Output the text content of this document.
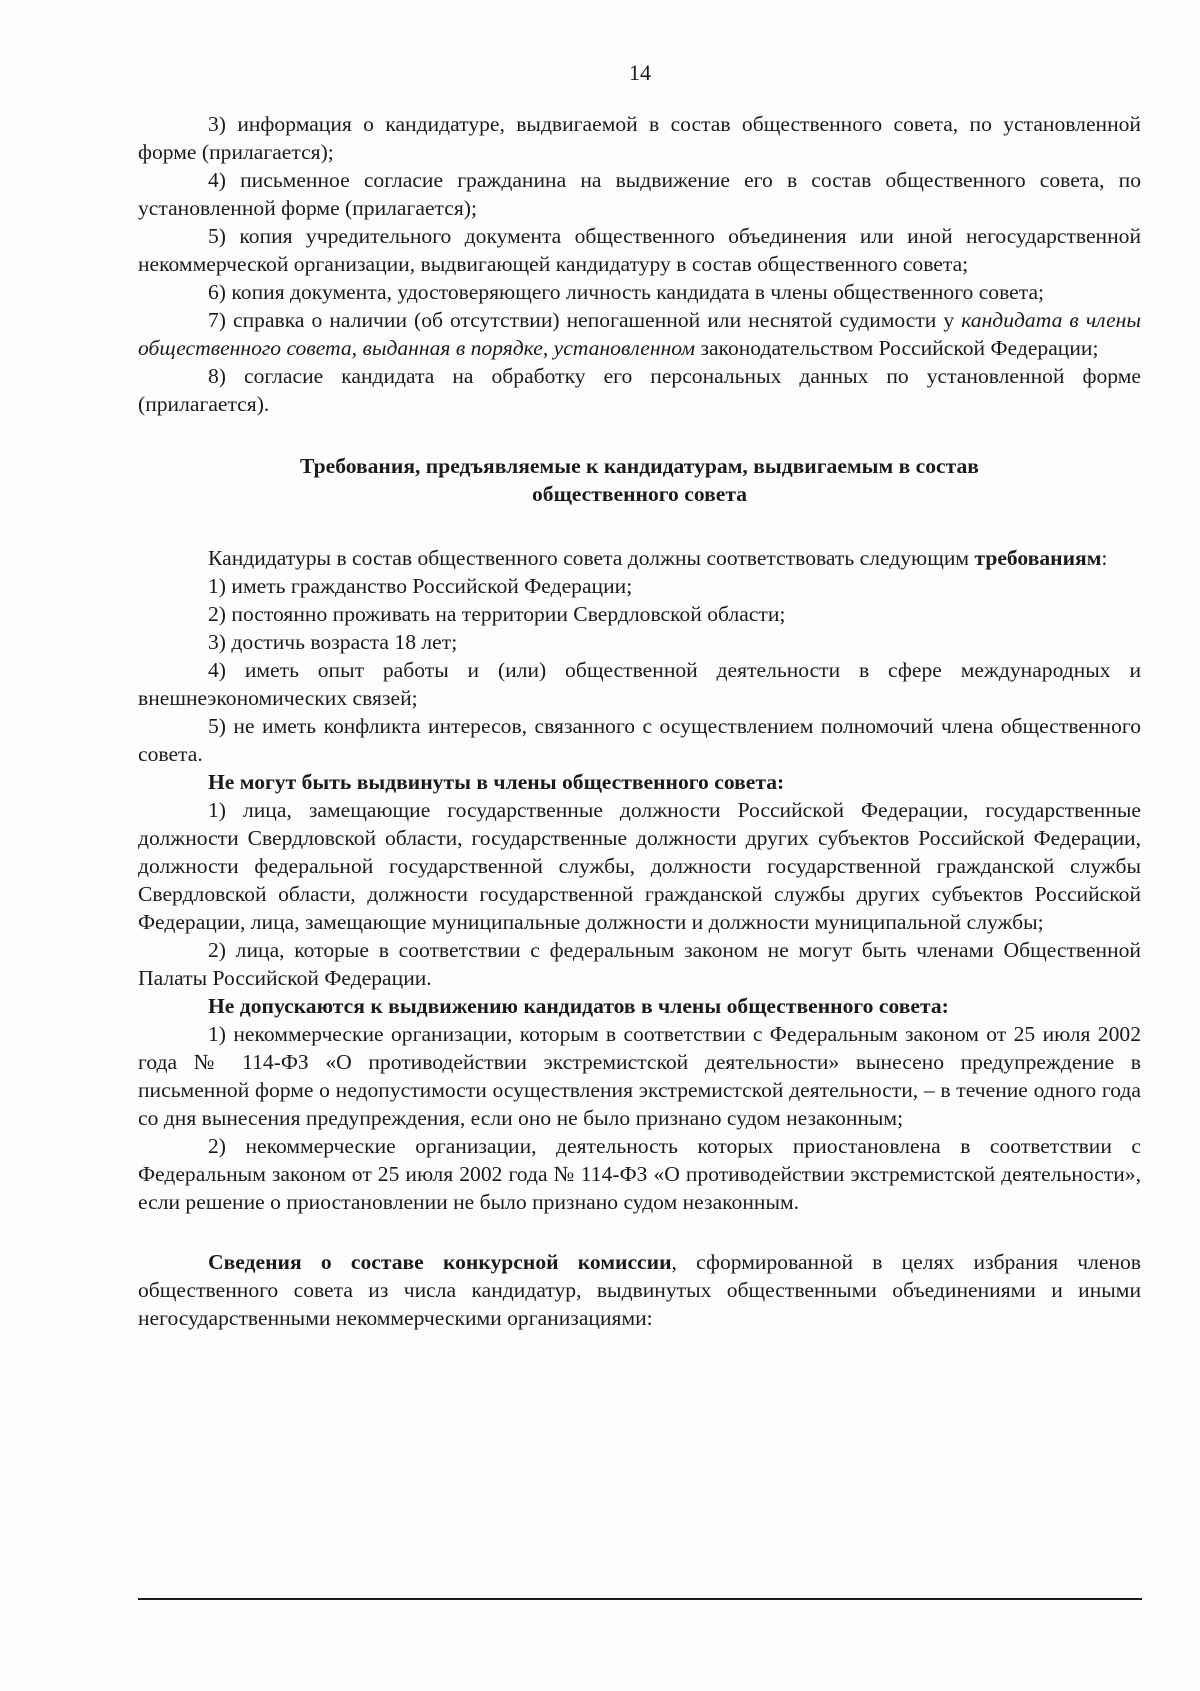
14

3) информация о кандидатуре, выдвигаемой в состав общественного совета, по установленной форме (прилагается);

4) письменное согласие гражданина на выдвижение его в состав общественного совета, по установленной форме (прилагается);

5) копия учредительного документа общественного объединения или иной негосударственной некоммерческой организации, выдвигающей кандидатуру в состав общественного совета;

6) копия документа, удостоверяющего личность кандидата в члены общественного совета;

7) справка о наличии (об отсутствии) непогашенной или неснятой судимости у кандидата в члены общественного совета, выданная в порядке, установленном законодательством Российской Федерации;

8) согласие кандидата на обработку его персональных данных по установленной форме (прилагается).

Требования, предъявляемые к кандидатурам, выдвигаемым в состав
общественного совета

Кандидатуры в состав общественного совета должны соответствовать следующим требованиям:

1) иметь гражданство Российской Федерации;

2) постоянно проживать на территории Свердловской области;

3) достичь возраста 18 лет;

4) иметь опыт работы и (или) общественной деятельности в сфере международных и внешнеэкономических связей;

5) не иметь конфликта интересов, связанного с осуществлением полномочий члена общественного совета.

Не могут быть выдвинуты в члены общественного совета:

1) лица, замещающие государственные должности Российской Федерации, государственные должности Свердловской области, государственные должности других субъектов Российской Федерации, должности федеральной государственной службы, должности государственной гражданской службы Свердловской области, должности государственной гражданской службы других субъектов Российской Федерации, лица, замещающие муниципальные должности и должности муниципальной службы;

2) лица, которые в соответствии с федеральным законом не могут быть членами Общественной Палаты Российской Федерации.

Не допускаются к выдвижению кандидатов в члены общественного совета:

1) некоммерческие организации, которым в соответствии с Федеральным законом от 25 июля 2002 года № 114-ФЗ «О противодействии экстремистской деятельности» вынесено предупреждение в письменной форме о недопустимости осуществления экстремистской деятельности, – в течение одного года со дня вынесения предупреждения, если оно не было признано судом незаконным;

2) некоммерческие организации, деятельность которых приостановлена в соответствии с Федеральным законом от 25 июля 2002 года № 114-ФЗ «О противодействии экстремистской деятельности», если решение о приостановлении не было признано судом незаконным.

Сведения о составе конкурсной комиссии, сформированной в целях избрания членов общественного совета из числа кандидатур, выдвинутых общественными объединениями и иными негосударственными некоммерческими организациями:
